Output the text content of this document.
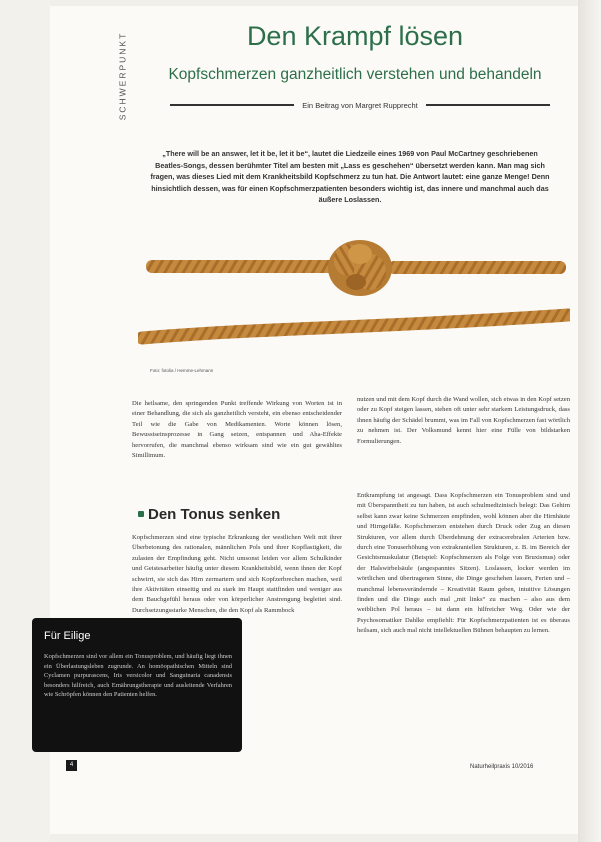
SCHWERPUNKT	Den Krampf lösen
Kopfschmerzen ganzheitlich verstehen und behandeln
Ein Beitrag von Margret Rupprecht
„There will be an answer, let it be, let it be“, lautet die Liedzeile eines 1969 von Paul McCartney geschriebenen Beatles-Songs, dessen berühmter Titel am besten mit „Lass es geschehen“ übersetzt werden kann. Man mag sich fragen, was dieses Lied mit dem Krankheitsbild Kopfschmerz zu tun hat. Die Antwort lautet: eine ganze Menge! Denn hinsichtlich dessen, was für einen Kopfschmerzpatienten besonders wichtig ist, das innere und manchmal auch das äußere Loslassen.
Foto: fotolia / Hemme-Lehmann

Die heilsame, den springenden Punkt treffende Wirkung von Worten ist in einer Behandlung, die sich als ganzheitlich versteht, ein ebenso entscheidender Teil wie die Gabe von Medikamenten. Worte können lösen, Bewusstseinsprozesse in Gang setzen, entspannen und Aha-Effekte hervorrufen, die manchmal ebenso wirksam sind wie ein gut gewähltes Simillimum.

nutzen und mit dem Kopf durch die Wand wollen, sich etwas in den Kopf setzen oder zu Kopf steigen lassen, stehen oft unter sehr starkem Leistungsdruck, dass ihnen häufig der Schädel brummt, was im Fall von Kopfschmerzen fast wörtlich zu nehmen ist. Der Volksmund kennt hier eine Fülle von bildstarken Formulierungen.

Den Tonus senken

Kopfschmerzen sind eine typische Erkrankung der westlichen Welt mit ihrer Überbetonung des rationalen, männlichen Pols und ihrer Kopflastigkeit, die zulasten der Empfindung geht. Nicht umsonst leiden vor allem Schulkinder und Geistesarbeiter häufig unter diesem Krankheitsbild, wenn ihnen der Kopf schwirrt, sie sich das Hirn zermartern und sich Kopfzerbrechen machen, weil ihre Aktivitäten einseitig und zu stark im Haupt stattfinden und weniger aus dem Bauchgefühl heraus oder von körperlicher Anstrengung begleitet sind. Durchsetzungsstarke Menschen, die den Kopf als Rammbock

Entkrampfung ist angesagt. Dass Kopfschmerzen ein Tonusproblem sind und mit Überspanntheit zu tun haben, ist auch schulmedizinisch belegt: Das Gehirn selbst kann zwar keine Schmerzen empfinden, wohl können aber die Hirnhäute und Hirngefäße. Kopfschmerzen entstehen durch Druck oder Zug an diesen Strukturen, vor allem durch Überdehnung der extracerebralen Arterien bzw. durch eine Tonuserhöhung von extrakraniellen Strukturen, z. B. im Bereich der Gesichtsmuskulatur (Beispiel: Kopfschmerzen als Folge von Bruxismus) oder der Halswirbelsäule (angespanntes Sitzen). Loslassen, locker werden im wörtlichen und übertragenen Sinne, die Dinge geschehen lassen, Ferien und – manchmal lebensverändernde – Kreativität Raum geben, intuitive Lösungen finden und die Dinge auch mal „mit links“ zu machen – also aus dem weiblichen Pol heraus – ist dann ein hilfreicher Weg. Oder wie der Psychosomatiker Dahlke empfiehlt: Für Kopfschmerzpatienten ist es überaus heilsam, sich auch mal nicht intellektuellen Bühnen behaupten zu lernen.

Für Eilige
Kopfschmerzen sind vor allem ein Tonusproblem, und häufig liegt ihnen ein Überlastungsleben zugrunde. An homöopathischen Mitteln sind Cyclamen purpurascens, Iris versicolor und Sanguinaria canadensis besonders hilfreich, auch Ernährungstherapie und ausleitende Verfahren wie Schröpfen können den Patienten helfen.
4	Naturheilpraxis 10/2016
